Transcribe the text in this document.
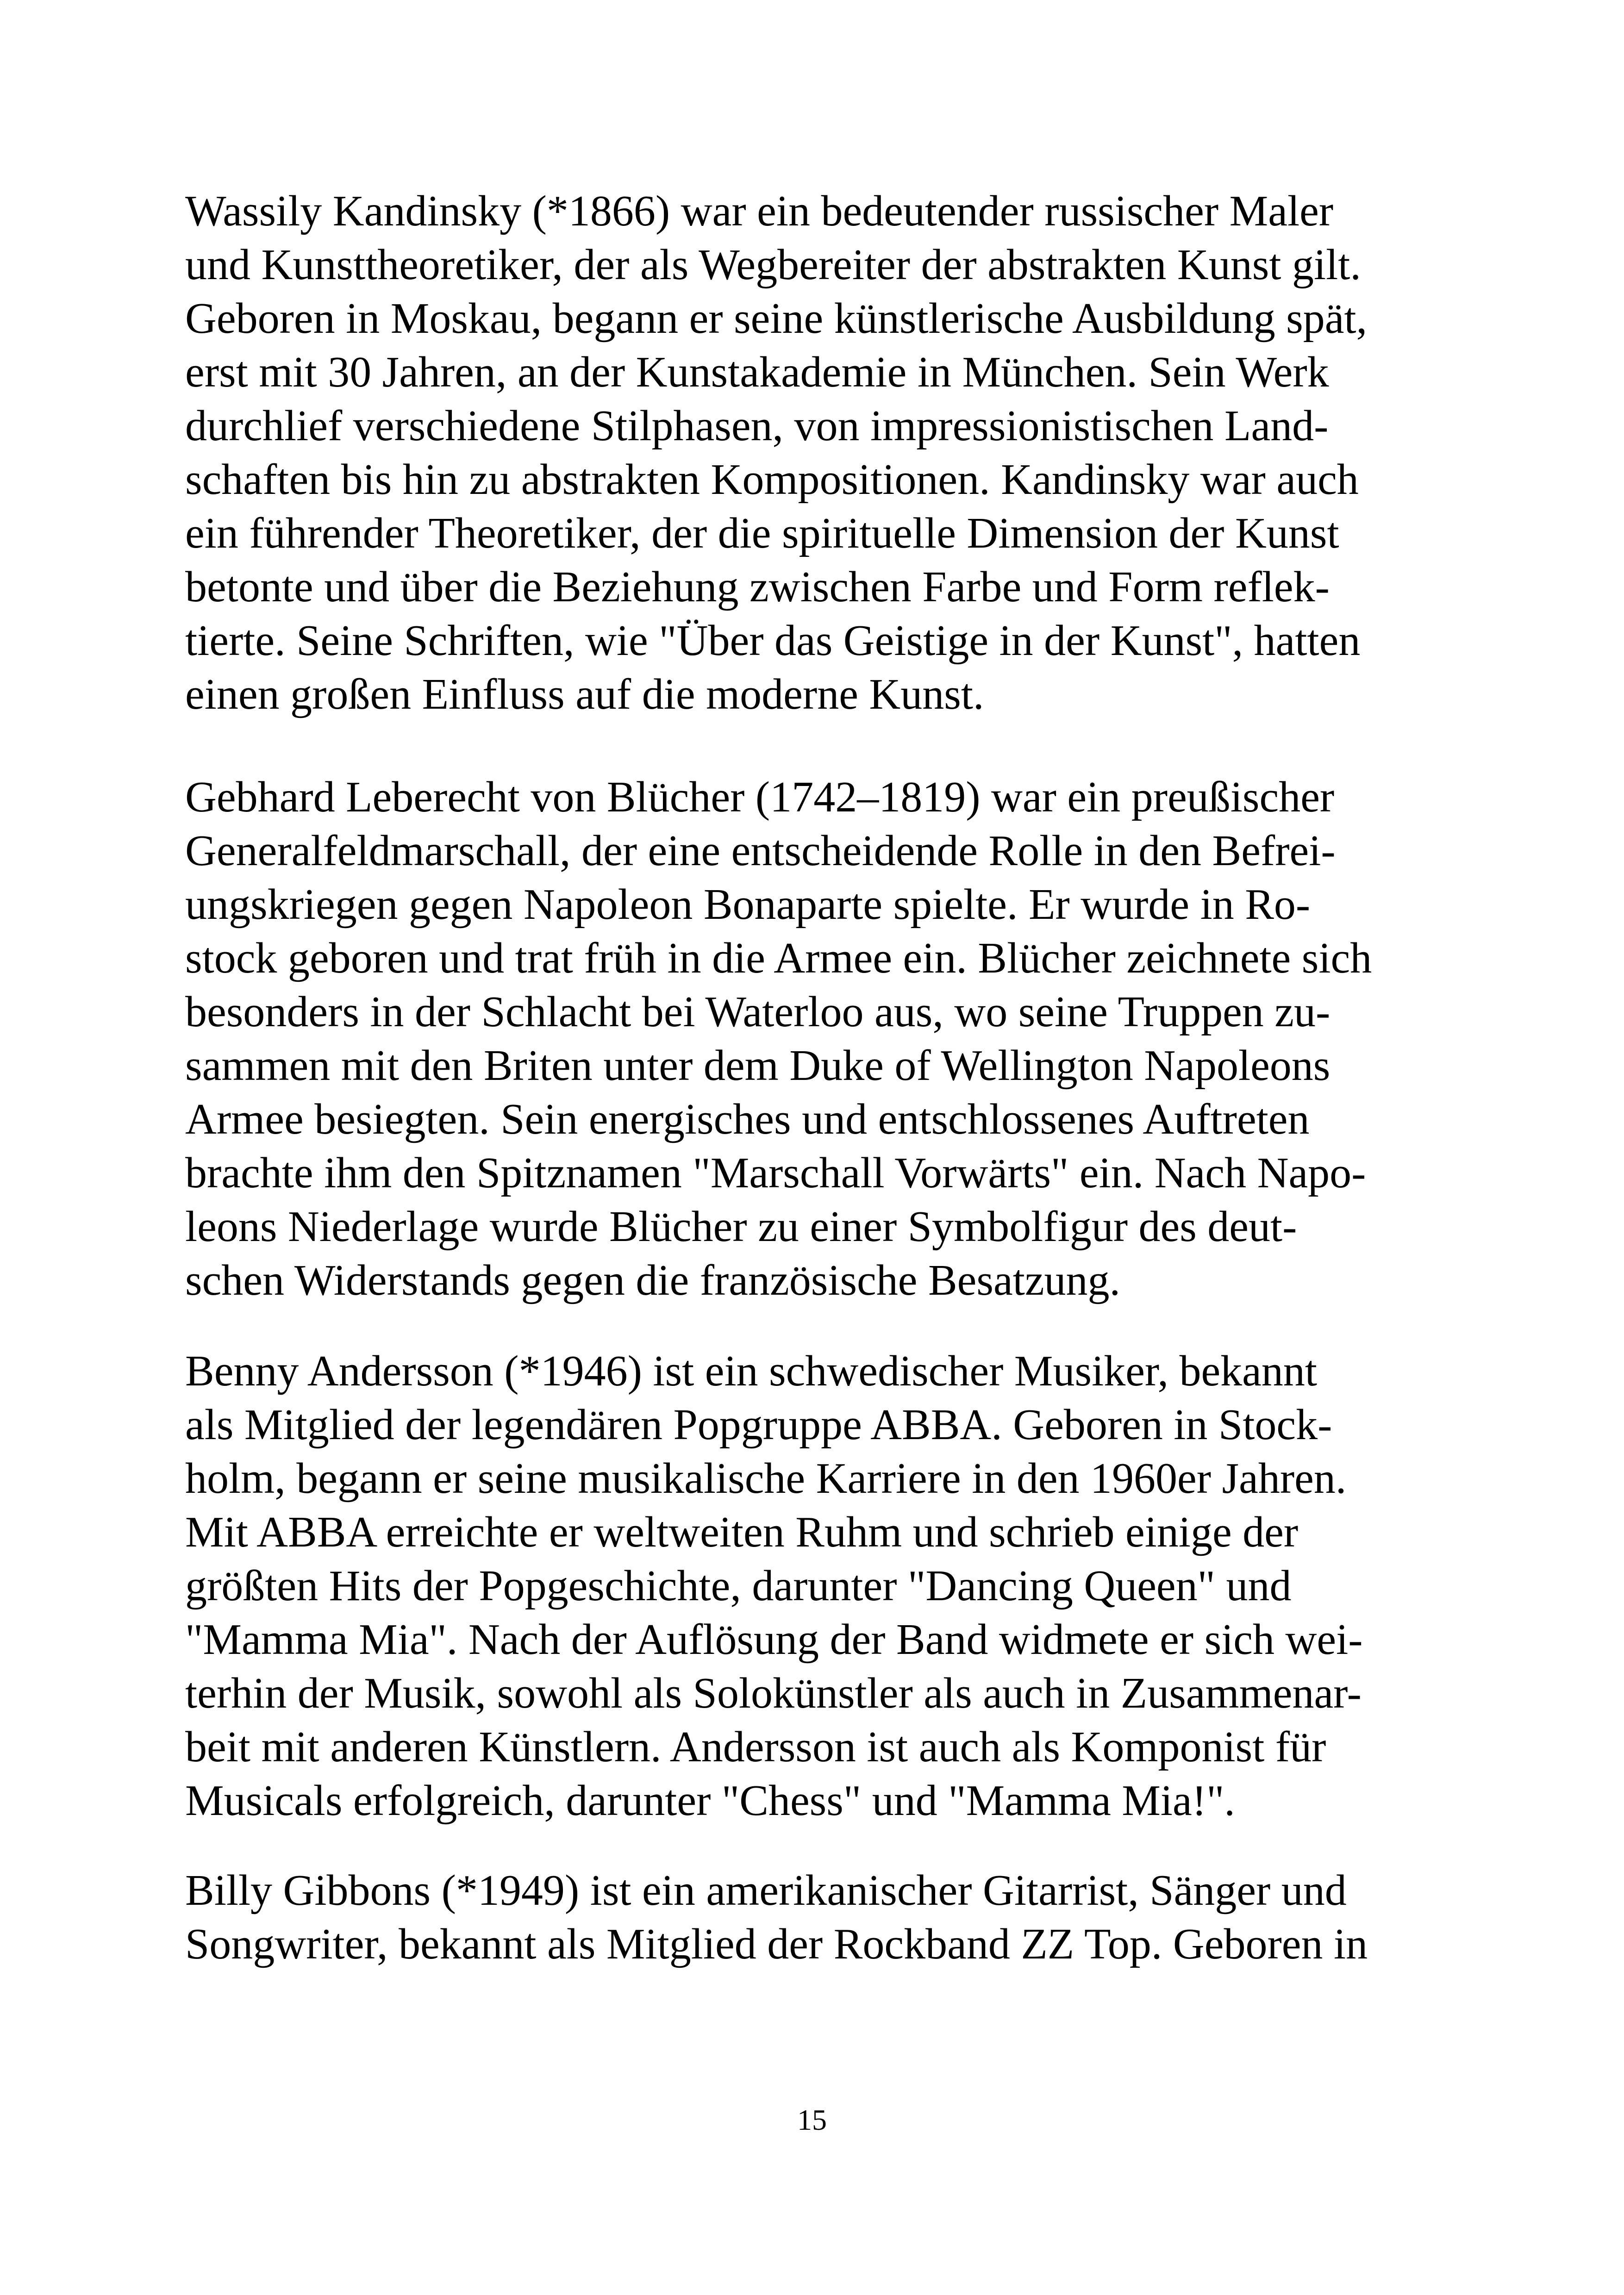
Wassily Kandinsky (*1866) war ein bedeutender russischer Maler
und Kunsttheoretiker, der als Wegbereiter der abstrakten Kunst gilt.
Geboren in Moskau, begann er seine künstlerische Ausbildung spät,
erst mit 30 Jahren, an der Kunstakademie in München. Sein Werk
durchlief verschiedene Stilphasen, von impressionistischen Land-
schaften bis hin zu abstrakten Kompositionen. Kandinsky war auch
ein führender Theoretiker, der die spirituelle Dimension der Kunst
betonte und über die Beziehung zwischen Farbe und Form reflek-
tierte. Seine Schriften, wie "Über das Geistige in der Kunst", hatten
einen großen Einfluss auf die moderne Kunst.
Gebhard Leberecht von Blücher (1742–1819) war ein preußischer
Generalfeldmarschall, der eine entscheidende Rolle in den Befrei-
ungskriegen gegen Napoleon Bonaparte spielte. Er wurde in Ro-
stock geboren und trat früh in die Armee ein. Blücher zeichnete sich
besonders in der Schlacht bei Waterloo aus, wo seine Truppen zu-
sammen mit den Briten unter dem Duke of Wellington Napoleons
Armee besiegten. Sein energisches und entschlossenes Auftreten
brachte ihm den Spitznamen "Marschall Vorwärts" ein. Nach Napo-
leons Niederlage wurde Blücher zu einer Symbolfigur des deut-
schen Widerstands gegen die französische Besatzung.
Benny Andersson (*1946) ist ein schwedischer Musiker, bekannt
als Mitglied der legendären Popgruppe ABBA. Geboren in Stock-
holm, begann er seine musikalische Karriere in den 1960er Jahren.
Mit ABBA erreichte er weltweiten Ruhm und schrieb einige der
größten Hits der Popgeschichte, darunter "Dancing Queen" und
"Mamma Mia". Nach der Auflösung der Band widmete er sich wei-
terhin der Musik, sowohl als Solokünstler als auch in Zusammenar-
beit mit anderen Künstlern. Andersson ist auch als Komponist für
Musicals erfolgreich, darunter "Chess" und "Mamma Mia!".
Billy Gibbons (*1949) ist ein amerikanischer Gitarrist, Sänger und
Songwriter, bekannt als Mitglied der Rockband ZZ Top. Geboren in
15
